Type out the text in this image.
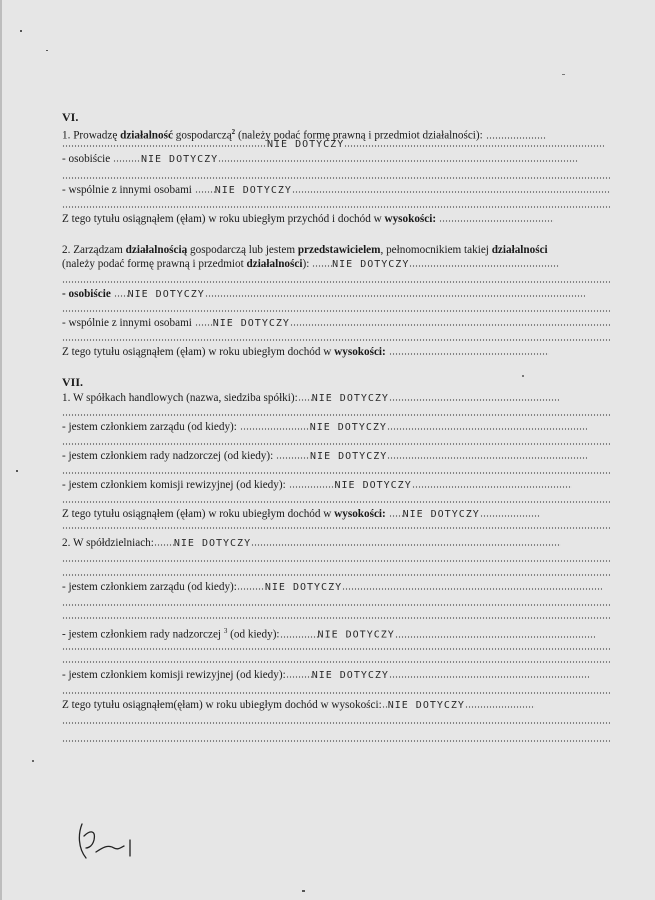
VI.
1. Prowadzę działalność gospodarczą$^2$ (należy podać formę prawną i przedmiot działalności):
NIE DOTYCZY
- osobiście	NIE DOTYCZY
- wspólnie z innymi osobami NIE DOTYCZY
Z tego tytułu osiągnąłem (ęłam) w roku ubiegłym przychód i dochód w wysokości:
2. Zarządzam działalnością gospodarczą lub jestem przedstawicielem, pełnomocnikiem takiej działalności
(należy podać formę prawną i przedmiot działalności): NIE DOTYCZY
- osobiście NIE DOTYCZY
- wspólnie z innymi osobami NIE DOTYCZY
Z tego tytułu osiągnąłem (ęłam) w roku ubiegłym dochód w wysokości:
VII.
1. W spółkach handlowych (nazwa, siedziba spółki): NIE DOTYCZY
- jestem członkiem zarządu (od kiedy):	NIE DOTYCZY
- jestem członkiem rady nadzorczej (od kiedy):	NIE DOTYCZY
- jestem członkiem komisji rewizyjnej (od kiedy):	NIE DOTYCZY
Z tego tytułu osiągnąłem (ęłam) w roku ubiegłym dochód w wysokości: NIE DOTYCZY
2. W spółdzielniach: NIE DOTYCZY
- jestem członkiem zarządu (od kiedy):	NIE DOTYCZY
- jestem członkiem rady nadzorczej $^3$ (od kiedy):	NIE DOTYCZY
- jestem członkiem komisji rewizyjnej (od kiedy):	NIE DOTYCZY
Z tego tytułu osiągnąłem(ęłam) w roku ubiegłym dochód w wysokości: NIE DOTYCZY
